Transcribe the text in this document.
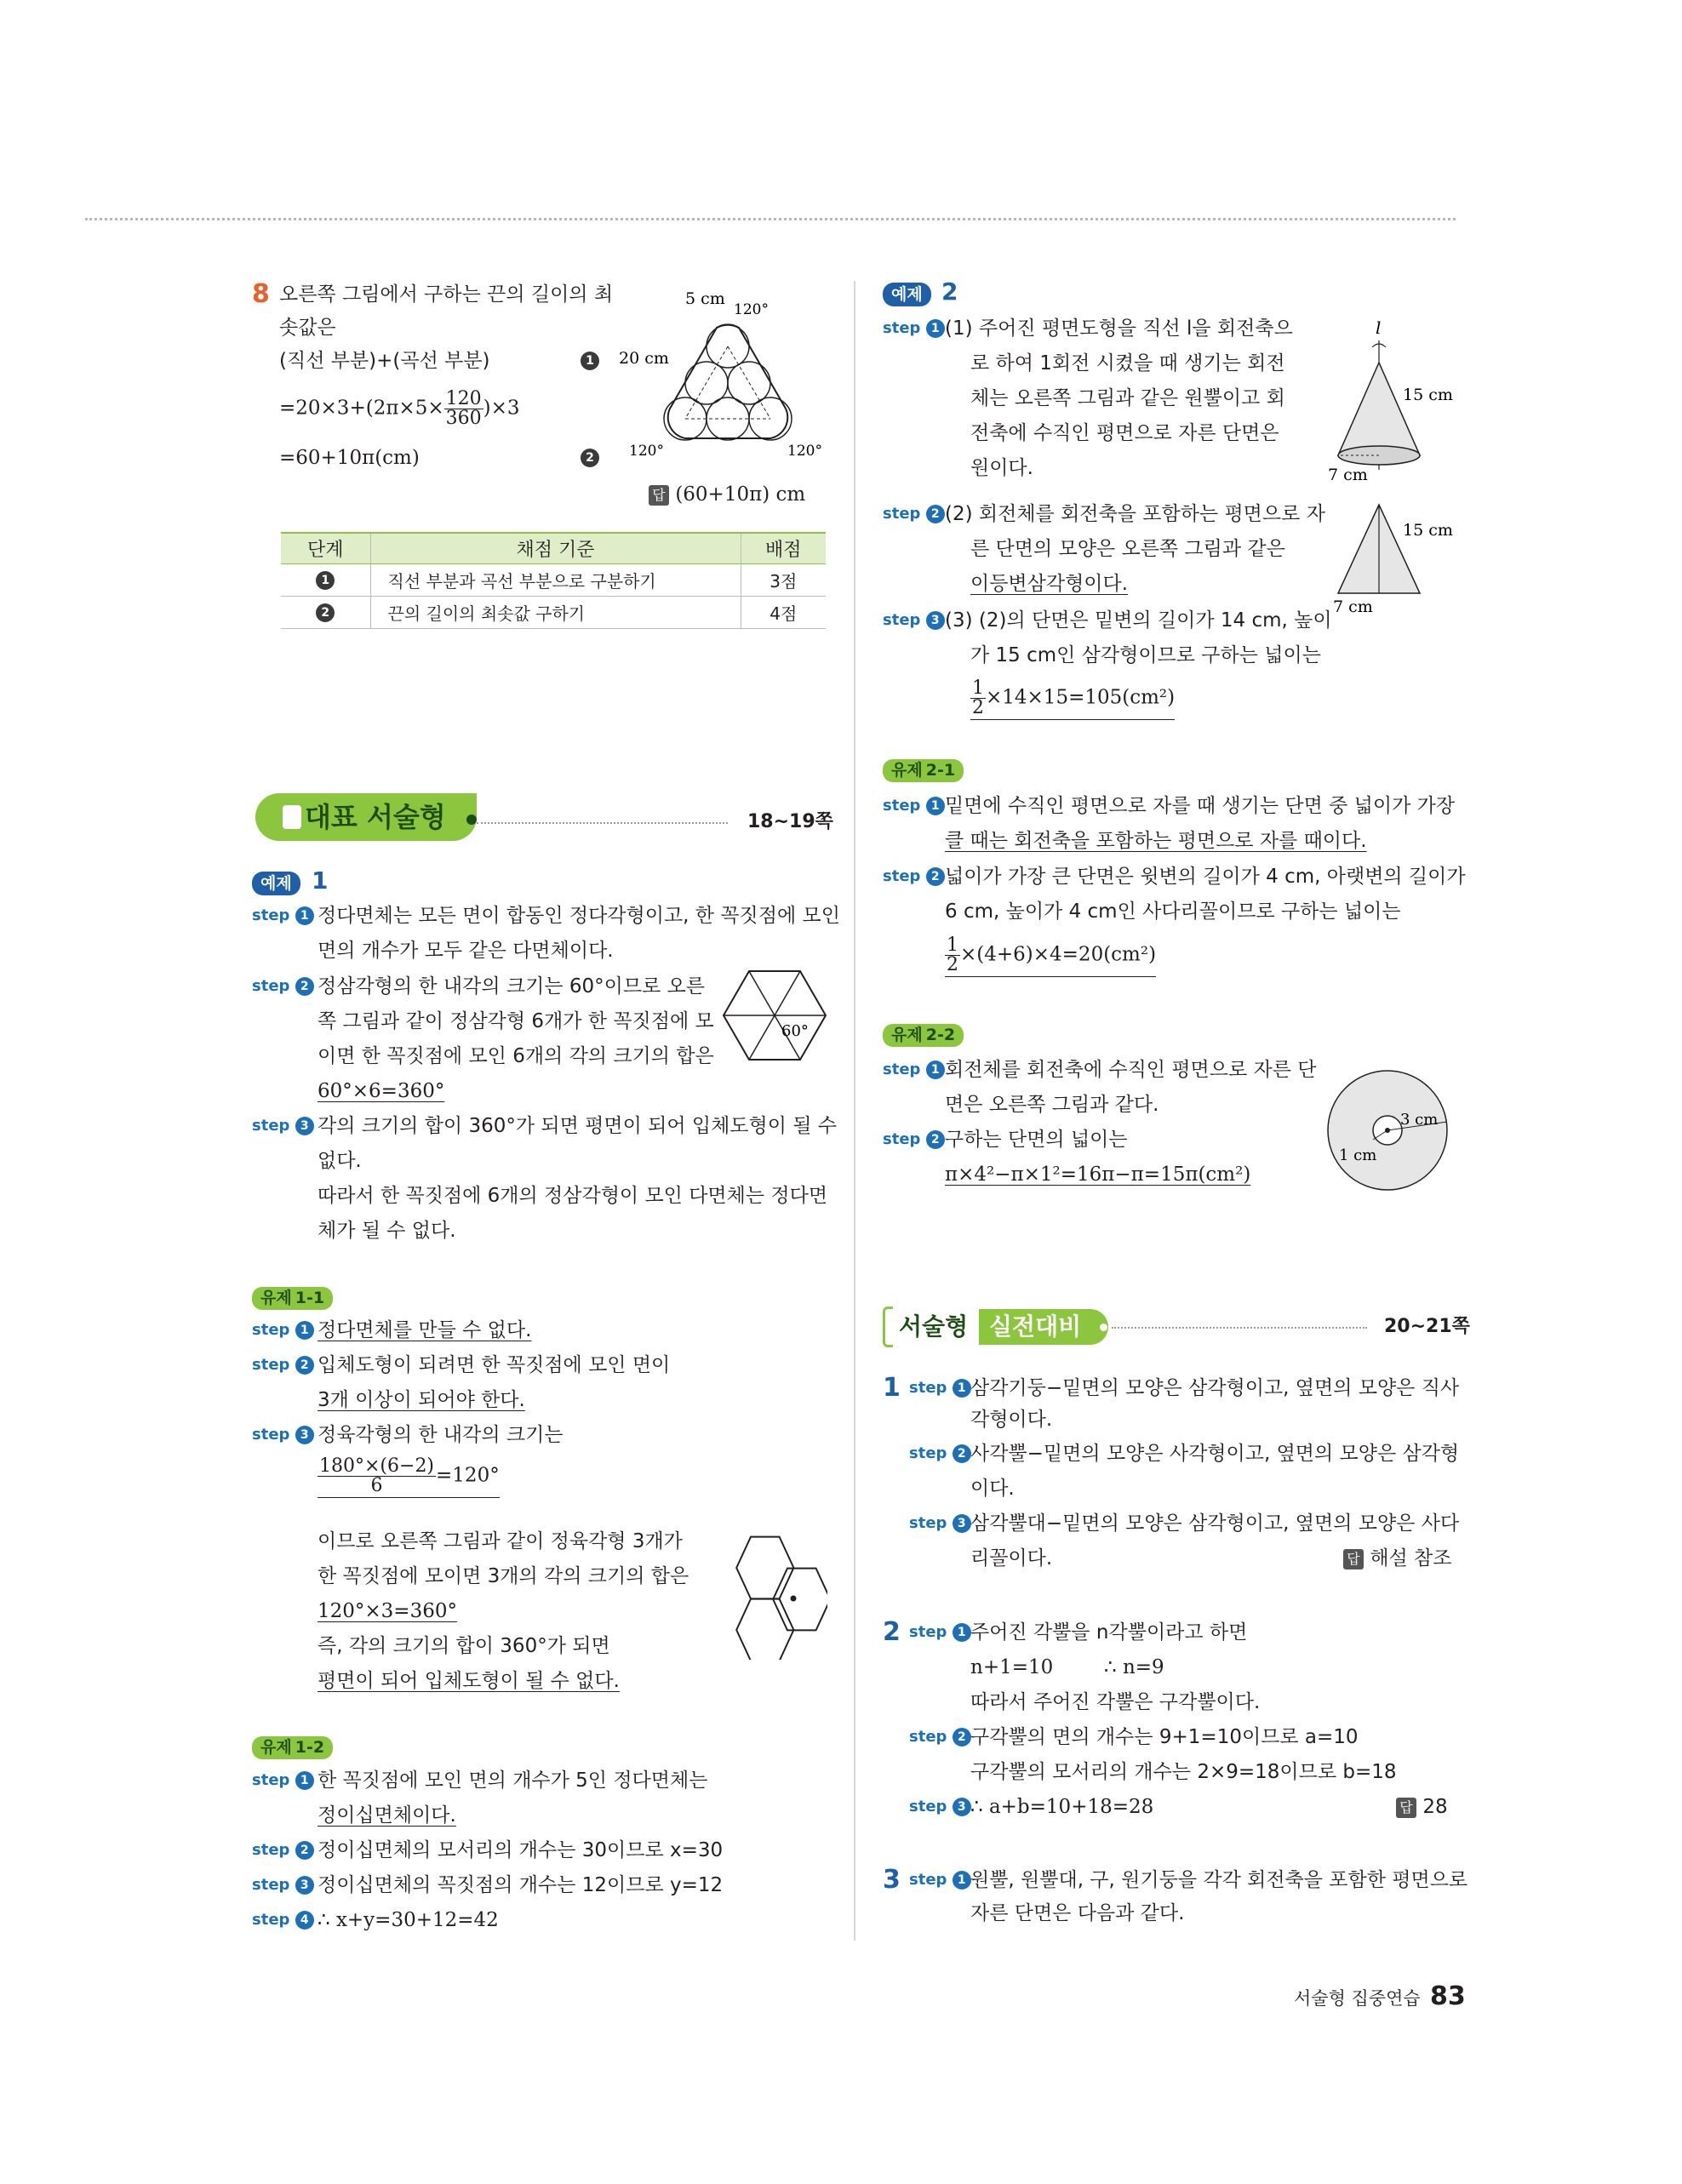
8 오른쪽 그림에서 구하는 끈의 길이의 최
솟값은
(직선 부분)+(곡선 부분)	1
$=20\times 3+(2\pi\times 5\times \frac{120}{360} )\times 3$
=60+10π(cm)	2
답 (60+10π) cm
5 cm
120°
20 cm
120°	120°
단계	채점 기준	배점
1	직선 부분과 곡선 부분으로 구분하기	3점
2	끈의 길이의 최솟값 구하기	4점
대표 서술형	18~19쪽
예제 1
step 1 정다면체는 모든 면이 합동인 정다각형이고, 한 꼭짓점에 모인
면의 개수가 모두 같은 다면체이다.
step 2 정삼각형의 한 내각의 크기는 60°이므로 오른
쪽 그림과 같이 정삼각형 6개가 한 꼭짓점에 모
이면 한 꼭짓점에 모인 6개의 각의 크기의 합은
60°×6=360°
step 3 각의 크기의 합이 360°가 되면 평면이 되어 입체도형이 될 수
없다.
따라서 한 꼭짓점에 6개의 정삼각형이 모인 다면체는 정다면
체가 될 수 없다.
60°
유제 1-1
step 1 정다면체를 만들 수 없다.
step 2 입체도형이 되려면 한 꼭짓점에 모인 면이
3개 이상이 되어야 한다.
step 3 정육각형의 한 내각의 크기는
$\frac{180^\circ\times(6-2)}{6} =120^\circ$
이므로 오른쪽 그림과 같이 정육각형 3개가
한 꼭짓점에 모이면 3개의 각의 크기의 합은
120°×3=360°
즉, 각의 크기의 합이 360°가 되면
평면이 되어 입체도형이 될 수 없다.
유제 1-2
step 1 한 꼭짓점에 모인 면의 개수가 5인 정다면체는
정이십면체이다.
step 2 정이십면체의 모서리의 개수는 30이므로 x=30
step 3 정이십면체의 꼭짓점의 개수는 12이므로 y=12
step 4 ∴ x+y=30+12=42
예제 2
step 1 (1) 주어진 평면도형을 직선 l을 회전축으
로 하여 1회전 시켰을 때 생기는 회전
체는 오른쪽 그림과 같은 원뿔이고 회
전축에 수직인 평면으로 자른 단면은
원이다.
step 2 (2) 회전체를 회전축을 포함하는 평면으로 자
른 단면의 모양은 오른쪽 그림과 같은
이등변삼각형이다.
step 3 (3) (2)의 단면은 밑변의 길이가 14 cm, 높이
가 15 cm인 삼각형이므로 구하는 넓이는
$\frac{1}{2} \times 14\times 15=105(cm^2)$
l
15 cm
7 cm
15 cm
7 cm
유제 2-1
step 1 밑면에 수직인 평면으로 자를 때 생기는 단면 중 넓이가 가장
클 때는 회전축을 포함하는 평면으로 자를 때이다.
step 2 넓이가 가장 큰 단면은 윗변의 길이가 4 cm, 아랫변의 길이가
6 cm, 높이가 4 cm인 사다리꼴이므로 구하는 넓이는
$\frac{1}{2} \times(4+6)\times 4=20(cm^2)$
유제 2-2
step 1 회전체를 회전축에 수직인 평면으로 자른 단
면은 오른쪽 그림과 같다.
step 2 구하는 단면의 넓이는
π×4²−π×1²=16π−π=15π(cm²)
3 cm
1 cm
서술형 실전대비	20~21쪽
1 step 1 삼각기둥−밑면의 모양은 삼각형이고, 옆면의 모양은 직사
각형이다.
step 2 사각뿔−밑면의 모양은 사각형이고, 옆면의 모양은 삼각형
이다.
step 3 삼각뿔대−밑면의 모양은 삼각형이고, 옆면의 모양은 사다
리꼴이다.	답 해설 참조
2 step 1 주어진 각뿔을 n각뿔이라고 하면
n+1=10	∴ n=9
따라서 주어진 각뿔은 구각뿔이다.
step 2 구각뿔의 면의 개수는 9+1=10이므로 a=10
구각뿔의 모서리의 개수는 2×9=18이므로 b=18
step 3 ∴ a+b=10+18=28	답 28
3 step 1 원뿔, 원뿔대, 구, 원기둥을 각각 회전축을 포함한 평면으로
자른 단면은 다음과 같다.
서술형 집중연습 83
